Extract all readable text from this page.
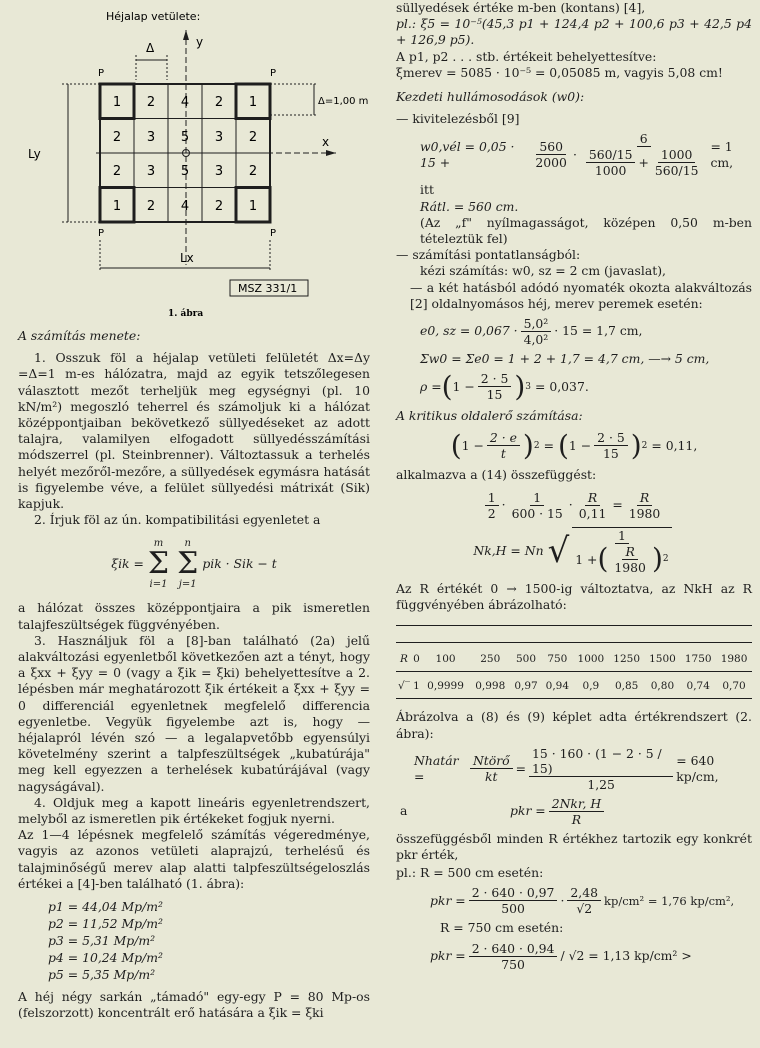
Héjalap vetülete:
y
x
Δ
Δ=1,00 m
1 2 4 2 1
2 3 5 3 2
2 3 5 3 2
1 2 4 2 1
P	P
P	P
Ly
Lx
MSZ 331/1
1. ábra

A számítás menete:

1. Osszuk föl a héjalap vetületi felületét Δx=Δy =Δ=1 m-es hálózatra, majd az egyik tetszőlegesen választott mezőt terheljük meg egységnyi (pl. 10 kN/m²) megoszló teherrel és számoljuk ki a hálózat középpontjaiban bekövetkező süllyedéseket az adott talajra, valamilyen elfogadott süllyedésszámítási módszerrel (pl. Steinbrenner). Változtassuk a terhelés helyét mezőről-mezőre, a süllyedések egymásra hatását is figyelembe véve, a felület süllyedési mátrixát (Sik) kapjuk.

2. Írjuk föl az ún. kompatibilitási egyenletet a

ξik =
m
Σ
i=1
n
Σ
j=1
pik · Sik − t

a hálózat összes középpontjaira a pik ismeretlen talajfeszültségek függvényében.

3. Használjuk föl a [8]-ban található (2a) jelű alakváltozási egyenletből következően azt a tényt, hogy a ξxx + ξyy = 0 (vagy a ξik = ξki) behelyettesítve a 2. lépésben már meghatározott ξik értékeit a ξxx + ξyy = 0 differenciál egyenletnek megfelelő differencia egyenletbe. Vegyük figyelembe azt is, hogy — héjalapról lévén szó — a legalapvetőbb egyensúlyi követelmény szerint a talpfeszültségek „kubatúrája" meg kell egyezzen a terhelések kubatúrájával (vagy nagyságával).

4. Oldjuk meg a kapott lineáris egyenletrendszert, melyből az ismeretlen pik értékeket fogjuk nyerni.

Az 1—4 lépésnek megfelelő számítás végeredménye, vagyis az azonos vetületi alaprajzú, terhelésű és talajminőségű merev alap alatti talpfeszültségeloszlás értékei a [4]-ben található (1. ábra):

p1 = 44,04 Mp/m²
p2 = 11,52 Mp/m²
p3 = 5,31 Mp/m²
p4 = 10,24 Mp/m²
p5 = 5,35 Mp/m²

A héj négy sarkán „támadó" egy-egy P = 80 Mp-os (felszorzott) koncentrált erő hatására a ξik = ξki

süllyedések értéke m-ben (kontans) [4],

pl.: ξ5 = 10⁻⁵(45,3 p1 + 124,4 p2 + 100,6 p3 + 42,5 p4 + 126,9 p5).

A p1, p2 . . . stb. értékeit behelyettesítve:

ξmerev = 5085 · 10⁻⁵ = 0,05085 m, vagyis 5,08 cm!

Kezdeti hullámosodások (w0):

— kivitelezésből [9]

w0,vél = 0,05 · 15 +	$\frac{560}{2000} \cdot \frac{6}{\frac{560/15}{1000} + \frac{1000}{560/15}} = 1$ cm,

itt

Rátl. = 560 cm.

(Az „f" nyílmagasságot, középen 0,50 m-ben tételeztük fel)

— számítási pontatlanságból:

kézi számítás: w0, sz = 2 cm (javaslat),

— a két hatásból adódó nyomaték okozta alakváltozás [2] oldalnyomásos héj, merev peremek esetén:

e0, sz = $0,067 \cdot \frac{\text{5,0²}}{\text{4,0²}} \cdot 15 = 1,7$ cm,
Σw0 = Σe0 = 1 + 2 + 1,7 = 4,7 cm, —→ 5 cm,
ρ = ( $1 - \frac{2 \cdot 5}{15}$ ) 3 = 0,037.

A kritikus oldalerő számítása:

( $1 - \frac{2 \cdot e}{t}$ ) 2 = ( $1 - \frac{2 \cdot 5}{15}$ ) 2 = 0,11,

alkalmazva a (14) összefüggést:

$\frac{1}{2} \cdot \frac{1}{600 \cdot 15} \cdot \frac{R}{0,11} = \frac{R}{1980}$
Nk,H = Nn √ $\frac{1}{1 + ( \frac{R}{1980} ) 2}$

Az R értékét 0 → 1500-ig változtatva, az NkH az R függvényében ábrázolható:

R	0	100	250	500	750	1000	1250	1500	1750	1980
√‾	1	0,9999	0,998	0,97	0,94	0,9	0,85	0,80	0,74	0,70

Ábrázolva a (8) és (9) képlet adta értékrendszert (2. ábra):

Nhatár =	$\frac{\text{Ntörő}}{kt} = \frac{15 \cdot 160 \cdot (1 - 2 \cdot 5 / 15)}{1,25} = 640$ kp/cm,
a	pkr = $\frac{\text{2Nkr, H}}{R}$

összefüggésből minden R értékhez tartozik egy konkrét pkr érték,

pl.: R = 500 cm esetén:

pkr = $\frac{2 \cdot 640 \cdot 0,97}{500} \cdot \frac{2,48}{√2} kp/cm^2 = 1,76$ kp/cm²,

R = 750 cm esetén:

pkr = $\frac{2 \cdot 640 \cdot 0,94}{750} / √2 = 1,13$ kp/cm² >
